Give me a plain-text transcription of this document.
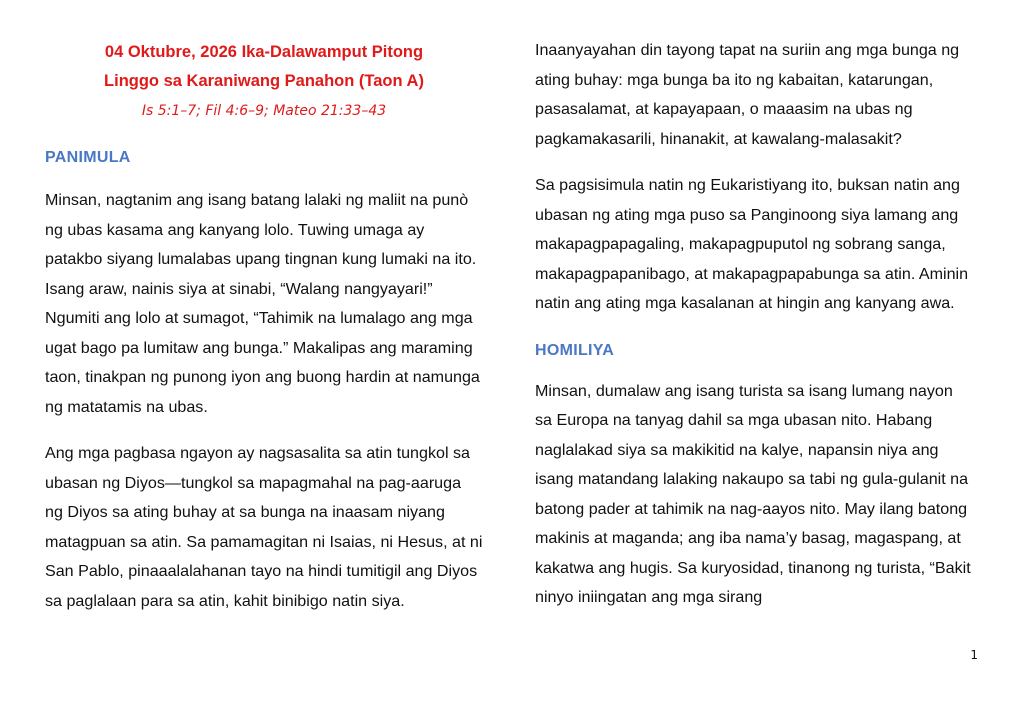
04 Oktubre, 2026 Ika-Dalawamput Pitong

Linggo sa Karaniwang Panahon (Taon A)

Is 5:1–7; Fil 4:6–9; Mateo 21:33–43

PANIMULA

Minsan, nagtanim ang isang batang lalaki ng maliit na punò ng ubas kasama ang kanyang lolo. Tuwing umaga ay patakbo siyang lumalabas upang tingnan kung lumaki na ito. Isang araw, nainis siya at sinabi, “Walang nangyayari!” Ngumiti ang lolo at sumagot, “Tahimik na lumalago ang mga ugat bago pa lumitaw ang bunga.” Makalipas ang maraming taon, tinakpan ng punong iyon ang buong hardin at namunga ng matatamis na ubas.

Ang mga pagbasa ngayon ay nagsasalita sa atin tungkol sa ubasan ng Diyos—tungkol sa mapagmahal na pag-aaruga ng Diyos sa ating buhay at sa bunga na inaasam niyang matagpuan sa atin. Sa pamamagitan ni Isaias, ni Hesus, at ni San Pablo, pinaaalalahanan tayo na hindi tumitigil ang Diyos sa paglalaan para sa atin, kahit binibigo natin siya.

Inaanyayahan din tayong tapat na suriin ang mga bunga ng ating buhay: mga bunga ba ito ng kabaitan, katarungan, pasasalamat, at kapayapaan, o maaasim na ubas ng pagkamakasarili, hinanakit, at kawalang-malasakit?

Sa pagsisimula natin ng Eukaristiyang ito, buksan natin ang ubasan ng ating mga puso sa Panginoong siya lamang ang makapagpapagaling, makapagpuputol ng sobrang sanga, makapagpapanibago, at makapagpapabunga sa atin. Aminin natin ang ating mga kasalanan at hingin ang kanyang awa.

HOMILIYA

Minsan, dumalaw ang isang turista sa isang lumang nayon sa Europa na tanyag dahil sa mga ubasan nito. Habang naglalakad siya sa makikitid na kalye, napansin niya ang isang matandang lalaking nakaupo sa tabi ng gula-gulanit na batong pader at tahimik na nag-aayos nito. May ilang batong makinis at maganda; ang iba nama’y basag, magaspang, at kakatwa ang hugis. Sa kuryosidad, tinanong ng turista, “Bakit ninyo iniingatan ang mga sirang

1
